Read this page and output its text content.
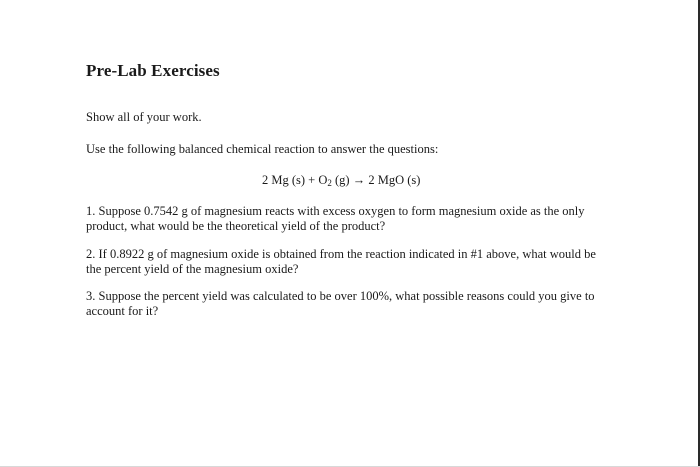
Pre-Lab Exercises
Show all of your work.
Use the following balanced chemical reaction to answer the questions:
2 Mg $(s) + O_2$ (g) → 2 MgO (s)
1. Suppose 0.7542 g of magnesium reacts with excess oxygen to form magnesium oxide as the only product, what would be the theoretical yield of the product?
2. If 0.8922 g of magnesium oxide is obtained from the reaction indicated in #1 above, what would be the percent yield of the magnesium oxide?
3. Suppose the percent yield was calculated to be over 100%, what possible reasons could you give to account for it?
